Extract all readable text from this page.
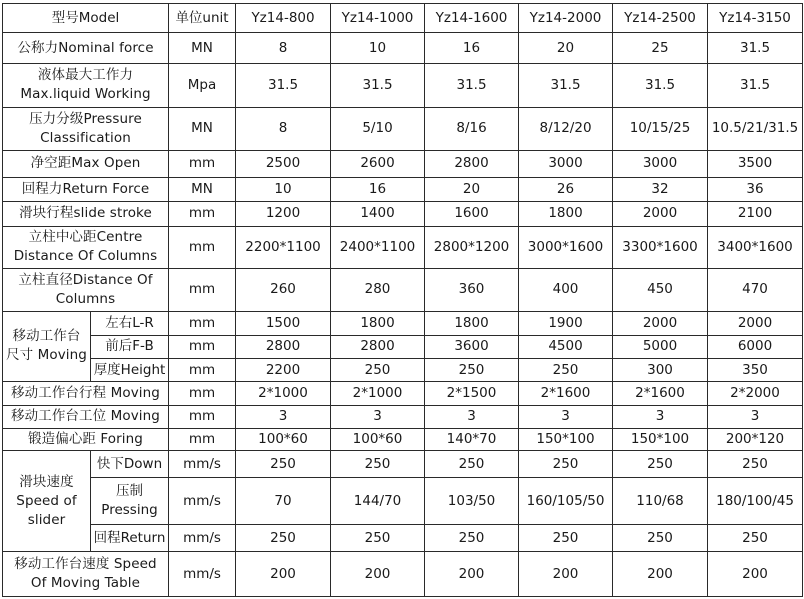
型号Model		单位unit	Yz14-800	Yz14-1000	Yz14-1600	Yz14-2000	Yz14-2500	Yz14-3150
公称力Nominal force		MN	8	10	16	20	25	31.5
液体最大工作力 Max.liquid Working		Mpa	31.5	31.5	31.5	31.5	31.5	31.5
压力分级Pressure Classification		MN	8	5/10	8/16	8/12/20	10/15/25	10.5/21/31.5
净空距Max Open		mm	2500	2600	2800	3000	3000	3500
回程力Return Force		MN	10	16	20	26	32	36
滑块行程slide stroke		mm	1200	1400	1600	1800	2000	2100
立柱中心距Centre Distance Of Columns		mm	2200*1100	2400*1100	2800*1200	3000*1600	3300*1600	3400*1600
立柱直径Distance Of Columns		mm	260	280	360	400	450	470
移动工作台 尺寸 Moving	左右L-R	mm	1500	1800	1800	1900	2000	2000
	前后F-B	mm	2800	2800	3600	4500	5000	6000
	厚度Height	mm	2200	250	250	250	300	350
移动工作台行程 Moving		mm	2*1000	2*1000	2*1500	2*1600	2*1600	2*2000
移动工作台工位 Moving		mm	3	3	3	3	3	3
锻造偏心距 Foring		mm	100*60	100*60	140*70	150*100	150*100	200*120
滑块速度 Speed of slider	快下Down	mm/s	250	250	250	250	250	250
	压制 Pressing	mm/s	70	144/70	103/50	160/105/50	110/68	180/100/45
	回程Return	mm/s	250	250	250	250	250	250
移动工作台速度 Speed Of Moving Table		mm/s	200	200	200	200	200	200
